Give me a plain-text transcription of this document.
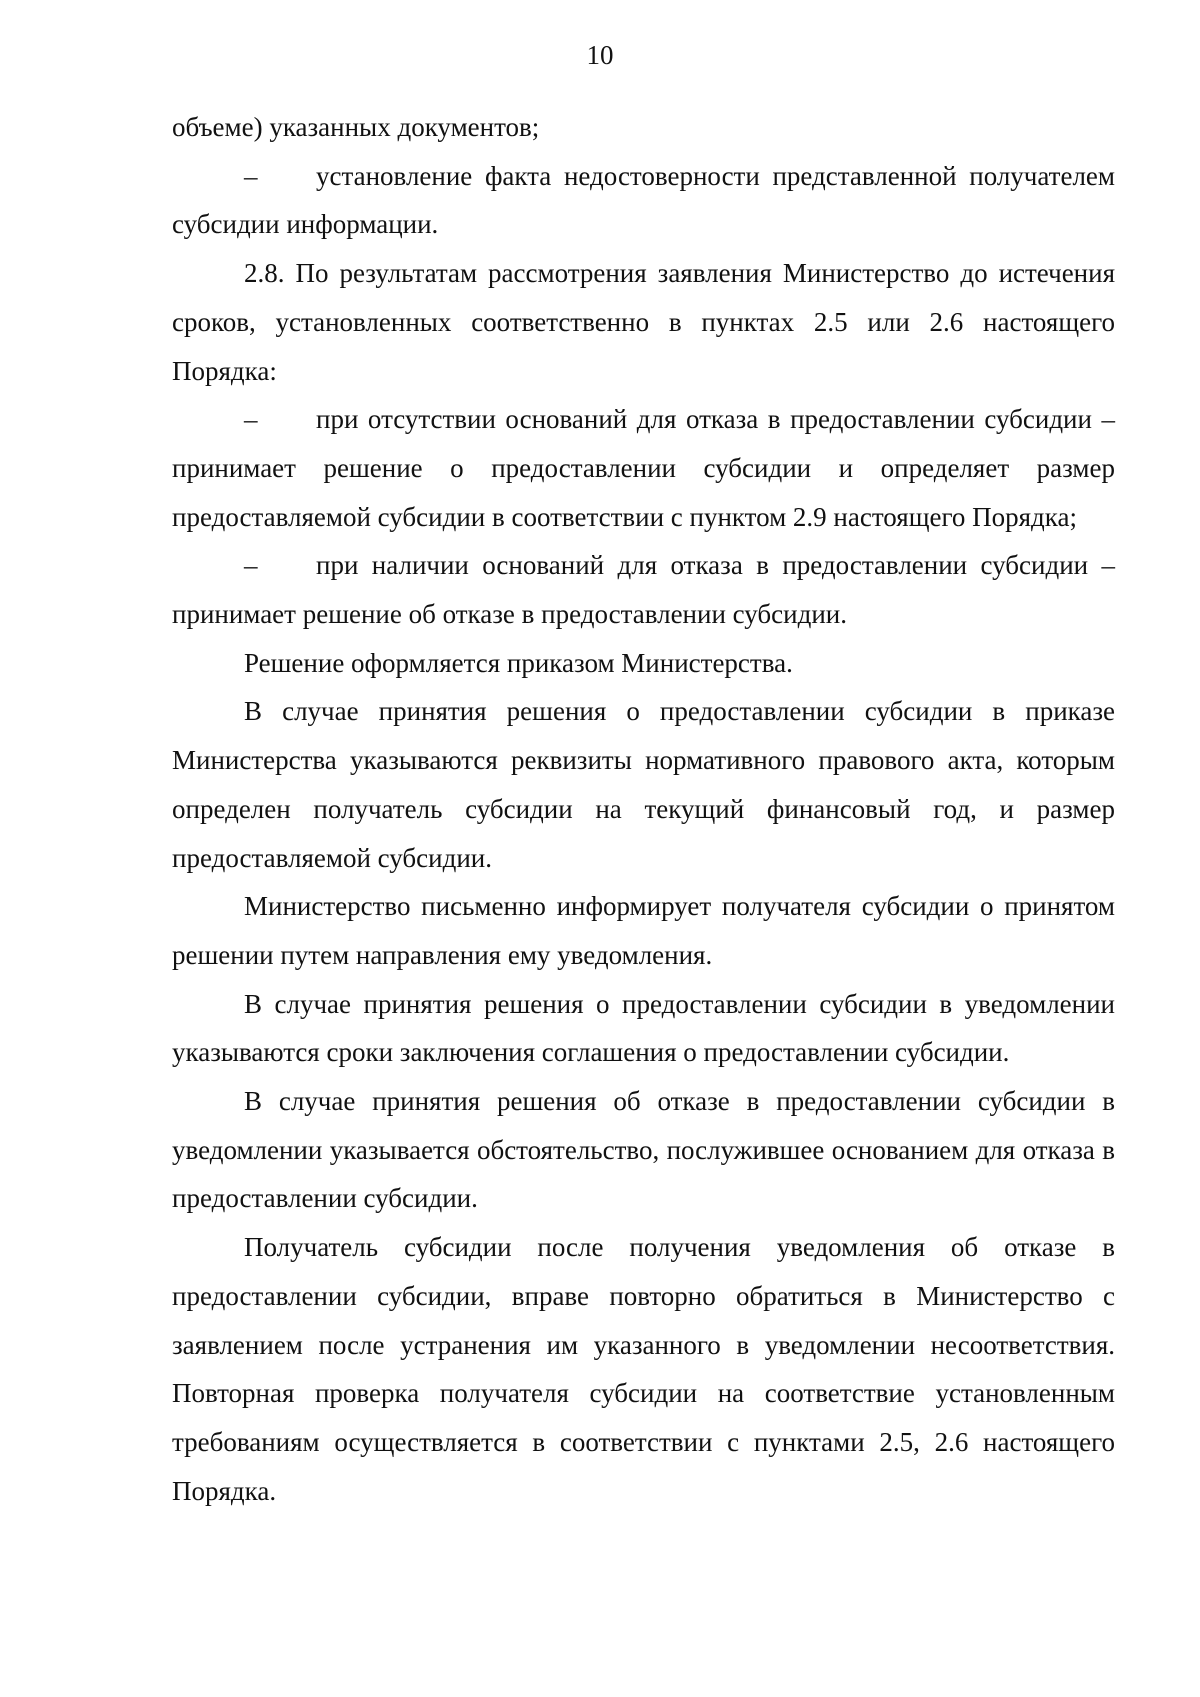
10

объеме) указанных документов;

– установление факта недостоверности представленной получателем субсидии информации.

2.8. По результатам рассмотрения заявления Министерство до истечения сроков, установленных соответственно в пунктах 2.5 или 2.6 настоящего Порядка:

– при отсутствии оснований для отказа в предоставлении субсидии – принимает решение о предоставлении субсидии и определяет размер предоставляемой субсидии в соответствии с пунктом 2.9 настоящего Порядка;

– при наличии оснований для отказа в предоставлении субсидии – принимает решение об отказе в предоставлении субсидии.

Решение оформляется приказом Министерства.

В случае принятия решения о предоставлении субсидии в приказе Министерства указываются реквизиты нормативного правового акта, которым определен получатель субсидии на текущий финансовый год, и размер предоставляемой субсидии.

Министерство письменно информирует получателя субсидии о принятом решении путем направления ему уведомления.

В случае принятия решения о предоставлении субсидии в уведомлении указываются сроки заключения соглашения о предоставлении субсидии.

В случае принятия решения об отказе в предоставлении субсидии в уведомлении указывается обстоятельство, послужившее основанием для отказа в предоставлении субсидии.

Получатель субсидии после получения уведомления об отказе в предоставлении субсидии, вправе повторно обратиться в Министерство с заявлением после устранения им указанного в уведомлении несоответствия. Повторная проверка получателя субсидии на соответствие установленным требованиям осуществляется в соответствии с пунктами 2.5, 2.6 настоящего Порядка.
